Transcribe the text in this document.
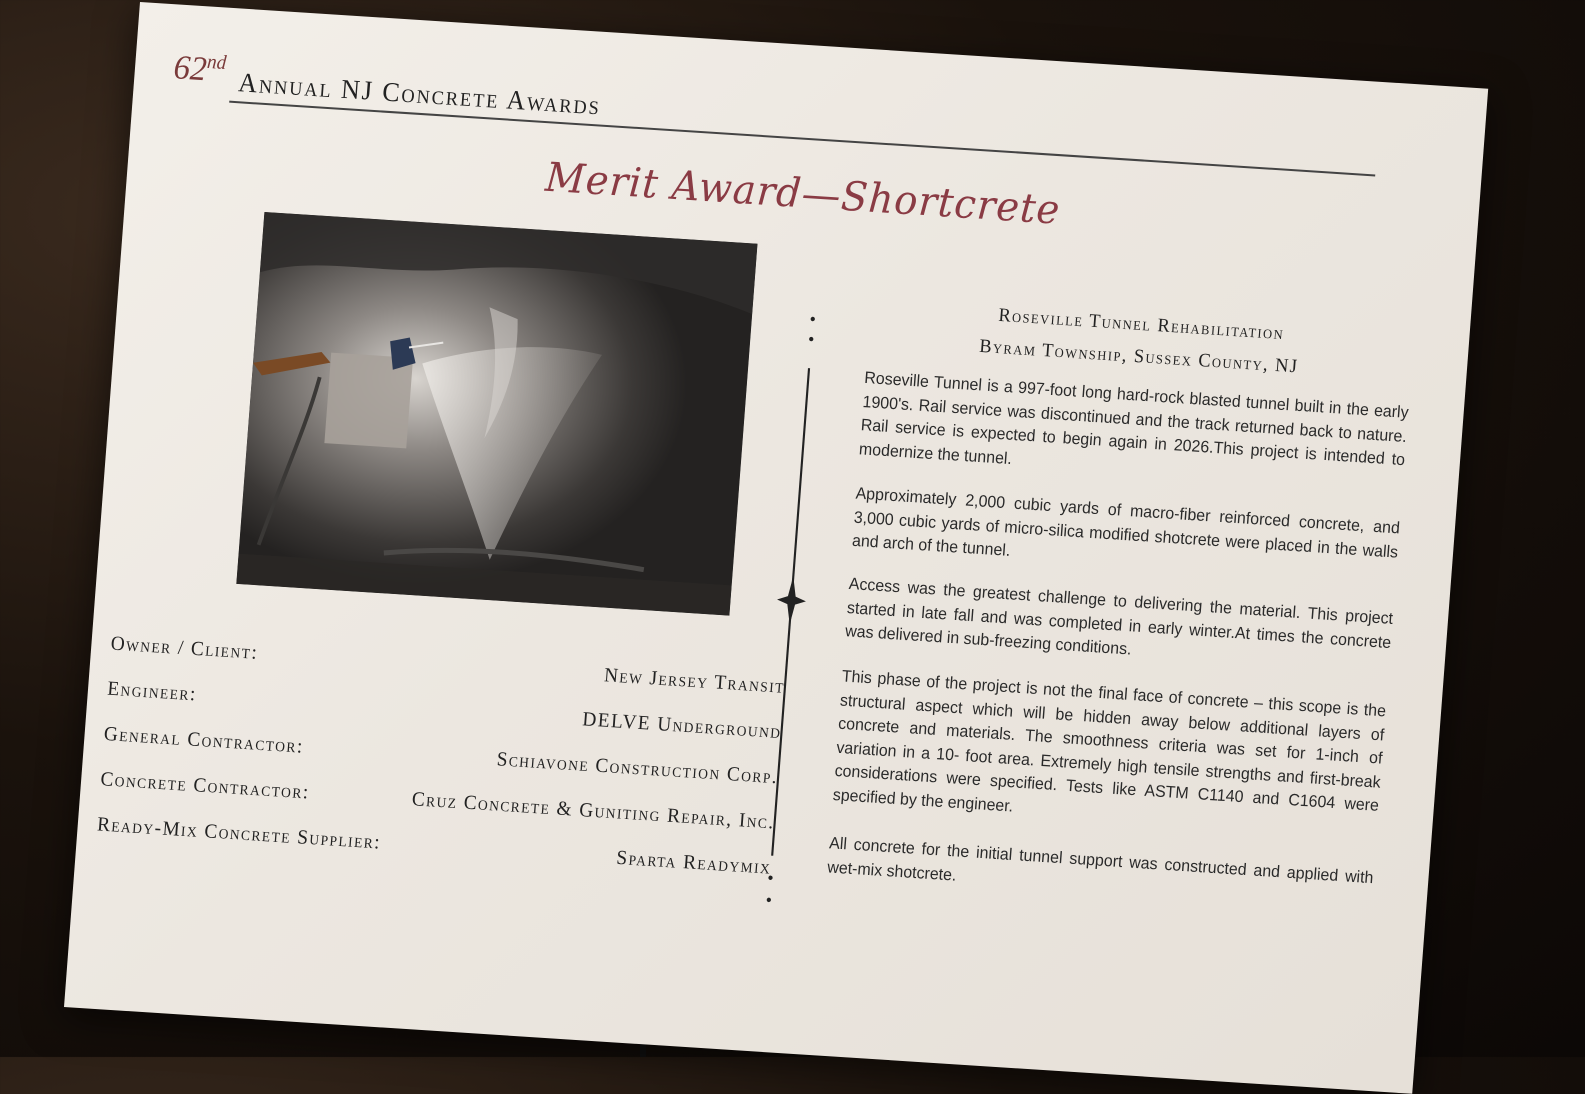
62nd
Annual NJ Concrete Awards
Merit Award—Shortcrete
Owner / Client:
New Jersey Transit
Engineer:
DELVE Underground
General Contractor:
Schiavone Construction Corp.
Concrete Contractor:
Cruz Concrete & Guniting Repair, Inc.
Ready-Mix Concrete Supplier:
Sparta Readymix
Roseville Tunnel Rehabilitation
Byram Township, Sussex County, NJ

Roseville Tunnel is a 997-foot long hard-rock blasted tunnel built in the early 1900's. Rail service was discontinued and the track returned back to nature. Rail service is expected to begin again in 2026.This project is intended to modernize the tunnel.

Approximately 2,000 cubic yards of macro-fiber reinforced concrete, and 3,000 cubic yards of micro-silica modified shotcrete were placed in the walls and arch of the tunnel.

Access was the greatest challenge to delivering the material. This project started in late fall and was completed in early winter.At times the concrete was delivered in sub-freezing conditions.

This phase of the project is not the final face of concrete – this scope is the structural aspect which will be hidden away below additional layers of concrete and materials. The smoothness criteria was set for 1-inch of variation in a 10- foot area. Extremely high tensile strengths and first-break considerations were specified. Tests like ASTM C1140 and C1604 were specified by the engineer.

All concrete for the initial tunnel support was constructed and applied with wet-mix shotcrete.
